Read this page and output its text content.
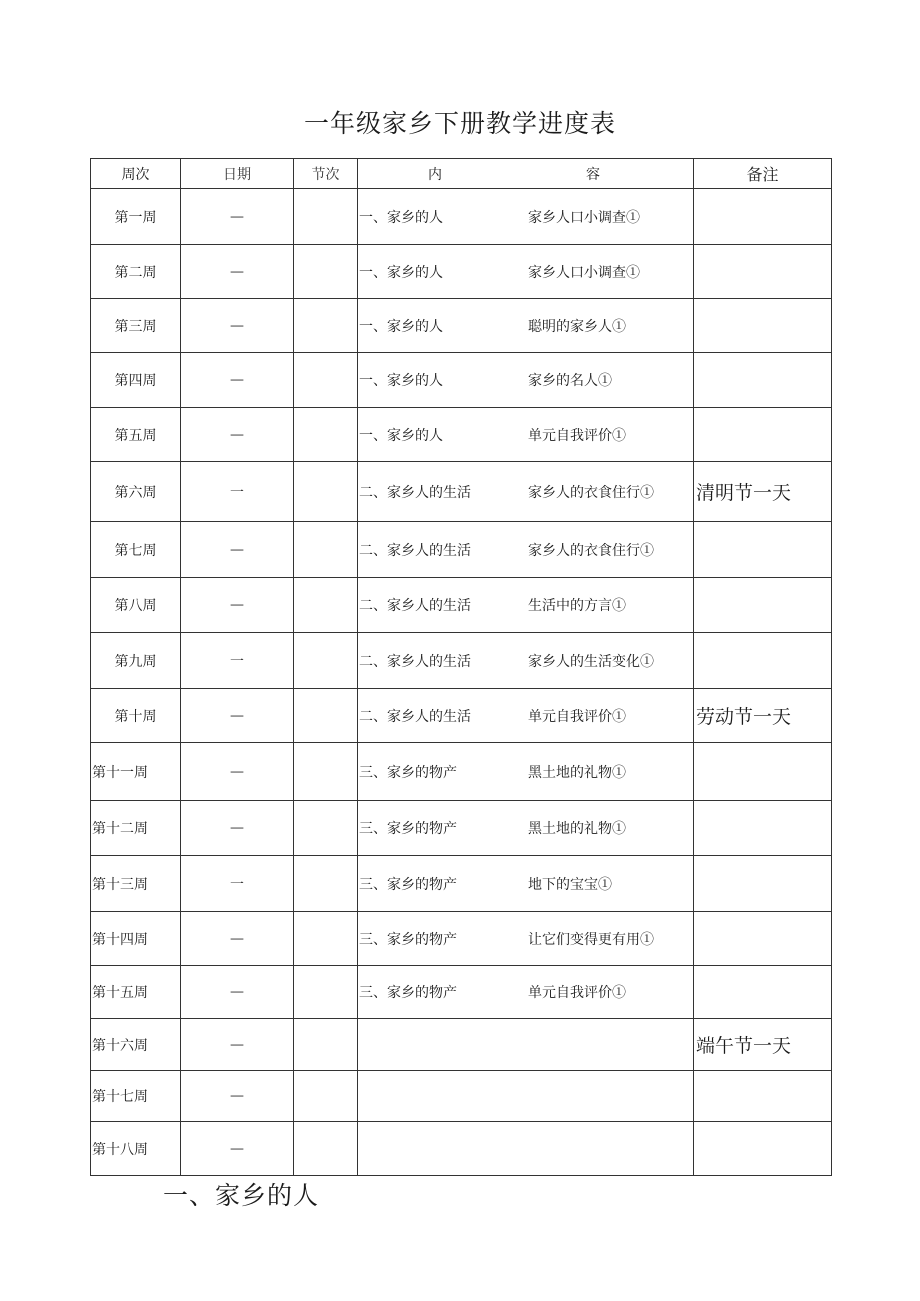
一年级家乡下册教学进度表
周次	日期	节次	内 容	备注
第一周	—		一、家乡的人 家乡人口小调查①	

第二周	—		一、家乡的人 家乡人口小调查①	

第三周	—		一、家乡的人 聪明的家乡人①	

第四周	—		一、家乡的人 家乡的名人①	

第五周	—		一、家乡的人 单元自我评价①	

第六周	一		二、家乡人的生活 家乡人的衣食住行①	清明节一天
第七周	—		二、家乡人的生活 家乡人的衣食住行①	

第八周	—		二、家乡人的生活 生活中的方言①	

第九周	一		二、家乡人的生活 家乡人的生活变化①	

第十周	—		二、家乡人的生活 单元自我评价①	劳动节一天
第十一周	—		三、家乡的物产 黑土地的礼物①	

第十二周	—		三、家乡的物产 黑土地的礼物①	

第十三周	一		三、家乡的物产 地下的宝宝①	

第十四周	—		三、家乡的物产 让它们变得更有用①	

第十五周	—		三、家乡的物产 单元自我评价①	

第十六周	—			端午节一天
第十七周	—		

第十八周	—		

一、家乡的人
